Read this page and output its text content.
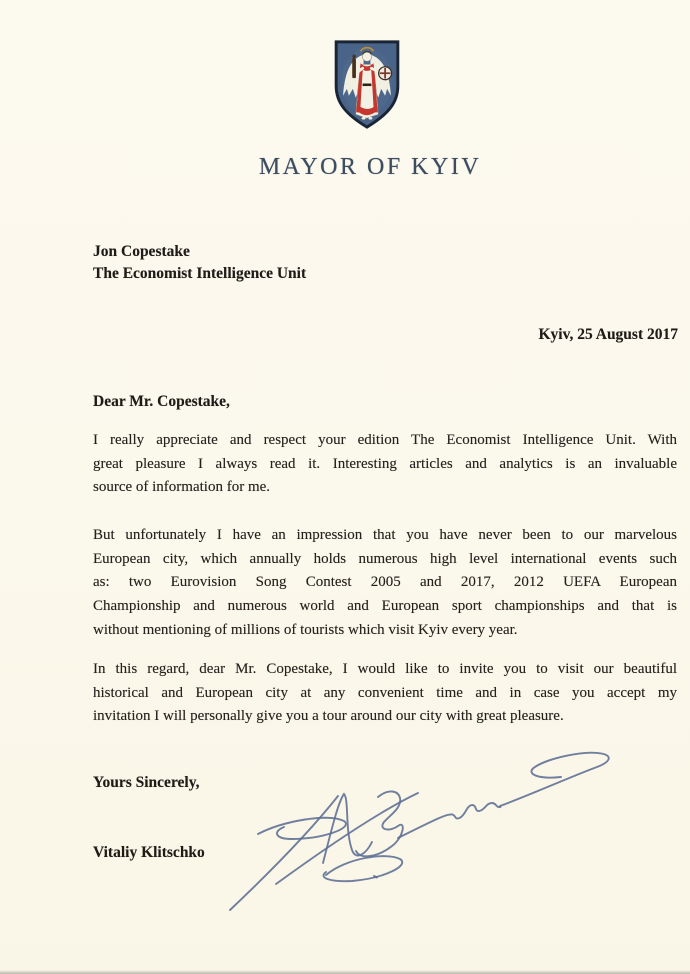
MAYOR OF KYIV
Jon Copestake
The Economist Intelligence Unit
Kyiv, 25 August 2017
Dear Mr. Copestake,
I really appreciate and respect your edition The Economist Intelligence Unit. With
great pleasure I always read it. Interesting articles and analytics is an invaluable
source of information for me.
But unfortunately I have an impression that you have never been to our marvelous
European city, which annually holds numerous high level international events such
as: two Eurovision Song Contest 2005 and 2017, 2012 UEFA European
Championship and numerous world and European sport championships and that is
without mentioning of millions of tourists which visit Kyiv every year.
In this regard, dear Mr. Copestake, I would like to invite you to visit our beautiful
historical and European city at any convenient time and in case you accept my
invitation I will personally give you a tour around our city with great pleasure.
Yours Sincerely,
Vitaliy Klitschko
